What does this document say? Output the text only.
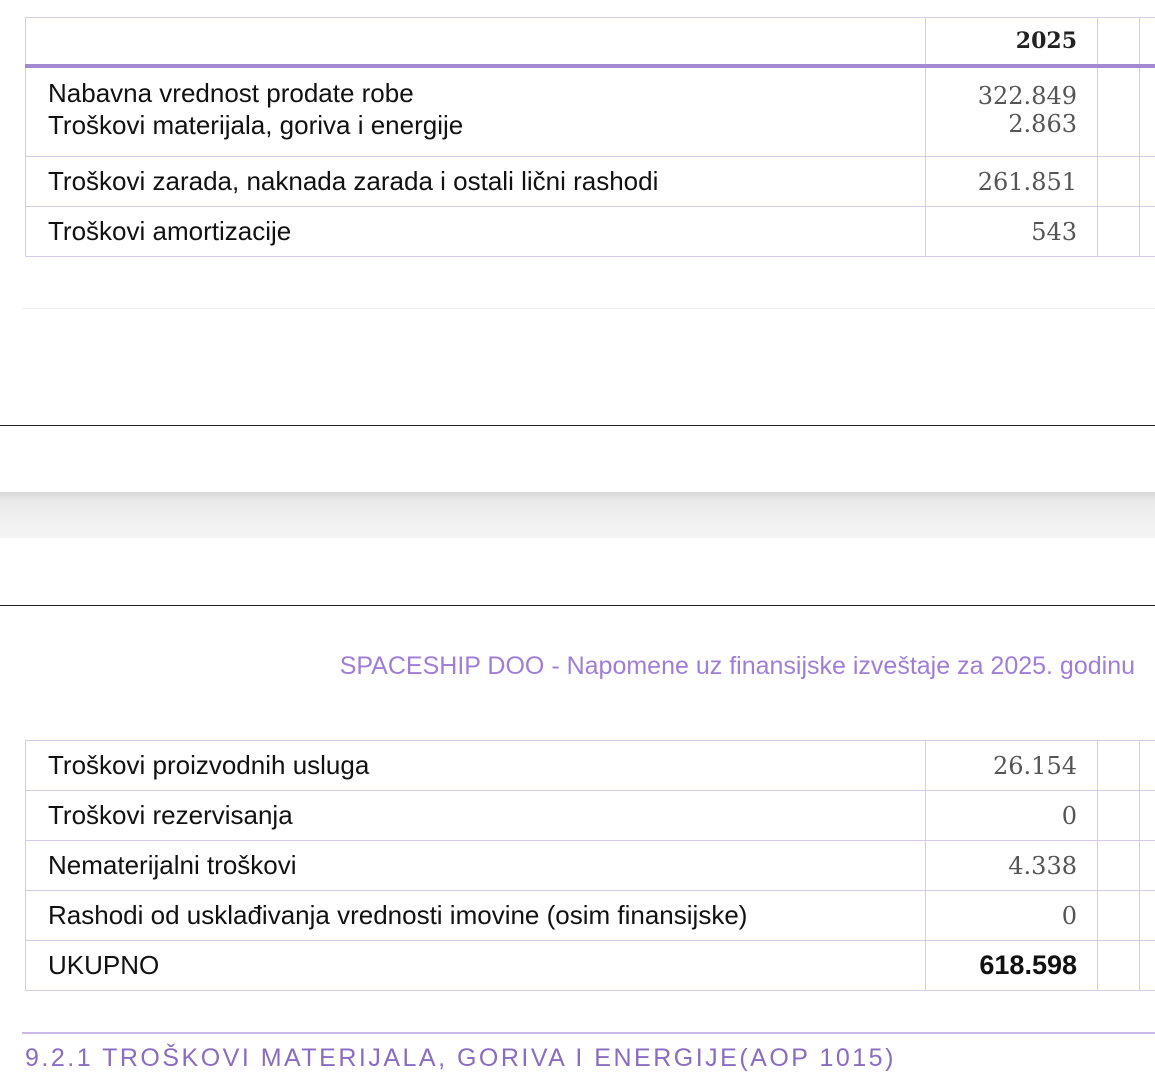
	2025		
Nabavna vrednost prodate robe	322.849		
Troškovi materijala, goriva i energije	2.863		
Troškovi zarada, naknada zarada i ostali lični rashodi	261.851		
Troškovi amortizacije	543		
SPACESHIP DOO - Napomene uz finansijske izveštaje za 2025. godinu
Troškovi proizvodnih usluga	26.154		
Troškovi rezervisanja	0		
Nematerijalni troškovi	4.338		
Rashodi od usklađivanja vrednosti imovine (osim finansijske)	0		
UKUPNO	618.598		
9.2.1 TROŠKOVI MATERIJALA, GORIVA I ENERGIJE(AOP 1015)
